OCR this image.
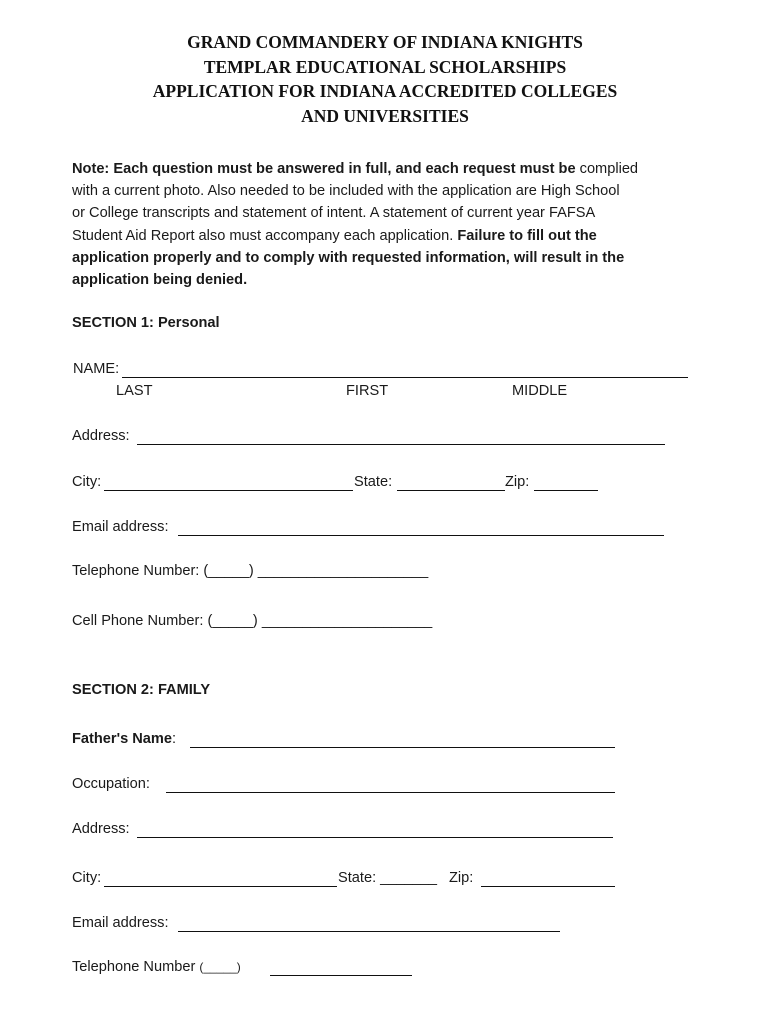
GRAND COMMANDERY OF INDIANA KNIGHTS
TEMPLAR EDUCATIONAL SCHOLARSHIPS
APPLICATION FOR INDIANA ACCREDITED COLLEGES
AND UNIVERSITIES
Note: Each question must be answered in full, and each request must be complied
with a current photo. Also needed to be included with the application are High School
or College transcripts and statement of intent. A statement of current year FAFSA
Student Aid Report also must accompany each application. Failure to fill out the
application properly and to comply with requested information, will result in the
application being denied.
SECTION 1: Personal
NAME:
LAST	FIRST	MIDDLE
Address:
City:	State:	Zip:
Email address:
Telephone Number: (_____) _____________________
Cell Phone Number: (_____) _____________________
SECTION 2: FAMILY
Father's Name:
Occupation:
Address:
City:	State: _______ Zip:
Email address:
Telephone Number (_____)
